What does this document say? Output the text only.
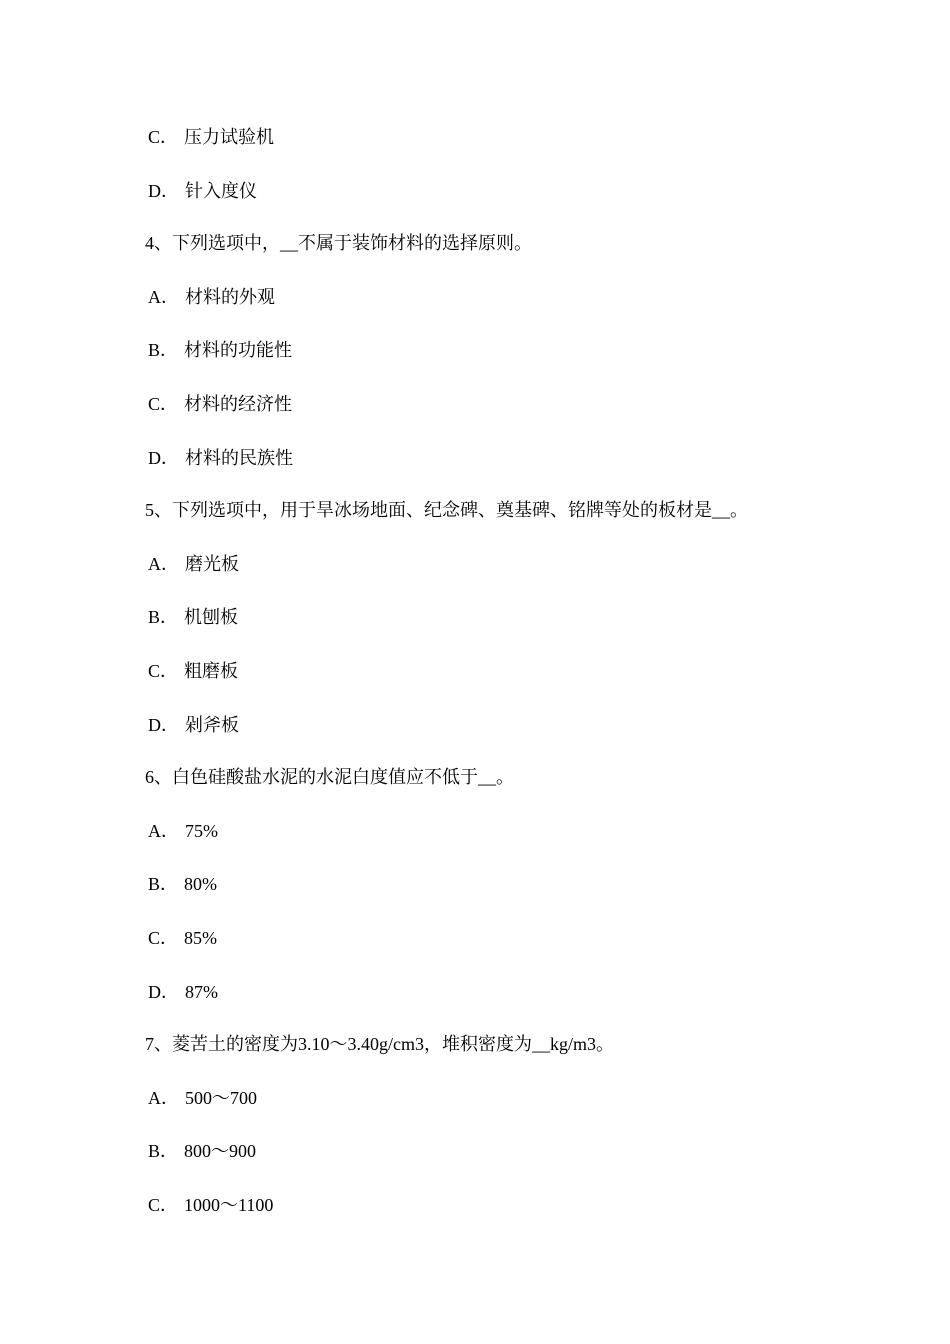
C． 压力试验机
D． 针入度仪
4、下列选项中，__不属于装饰材料的选择原则。
A． 材料的外观
B． 材料的功能性
C． 材料的经济性
D． 材料的民族性
5、下列选项中，用于旱冰场地面、纪念碑、奠基碑、铭牌等处的板材是__。
A． 磨光板
B． 机刨板
C． 粗磨板
D． 剁斧板
6、白色硅酸盐水泥的水泥白度值应不低于__。
A． 75%
B． 80%
C． 85%
D． 87%
7、菱苦土的密度为3.10～3.40g/cm3，堆积密度为__kg/m3。
A． 500～700
B． 800～900
C． 1000～1100
